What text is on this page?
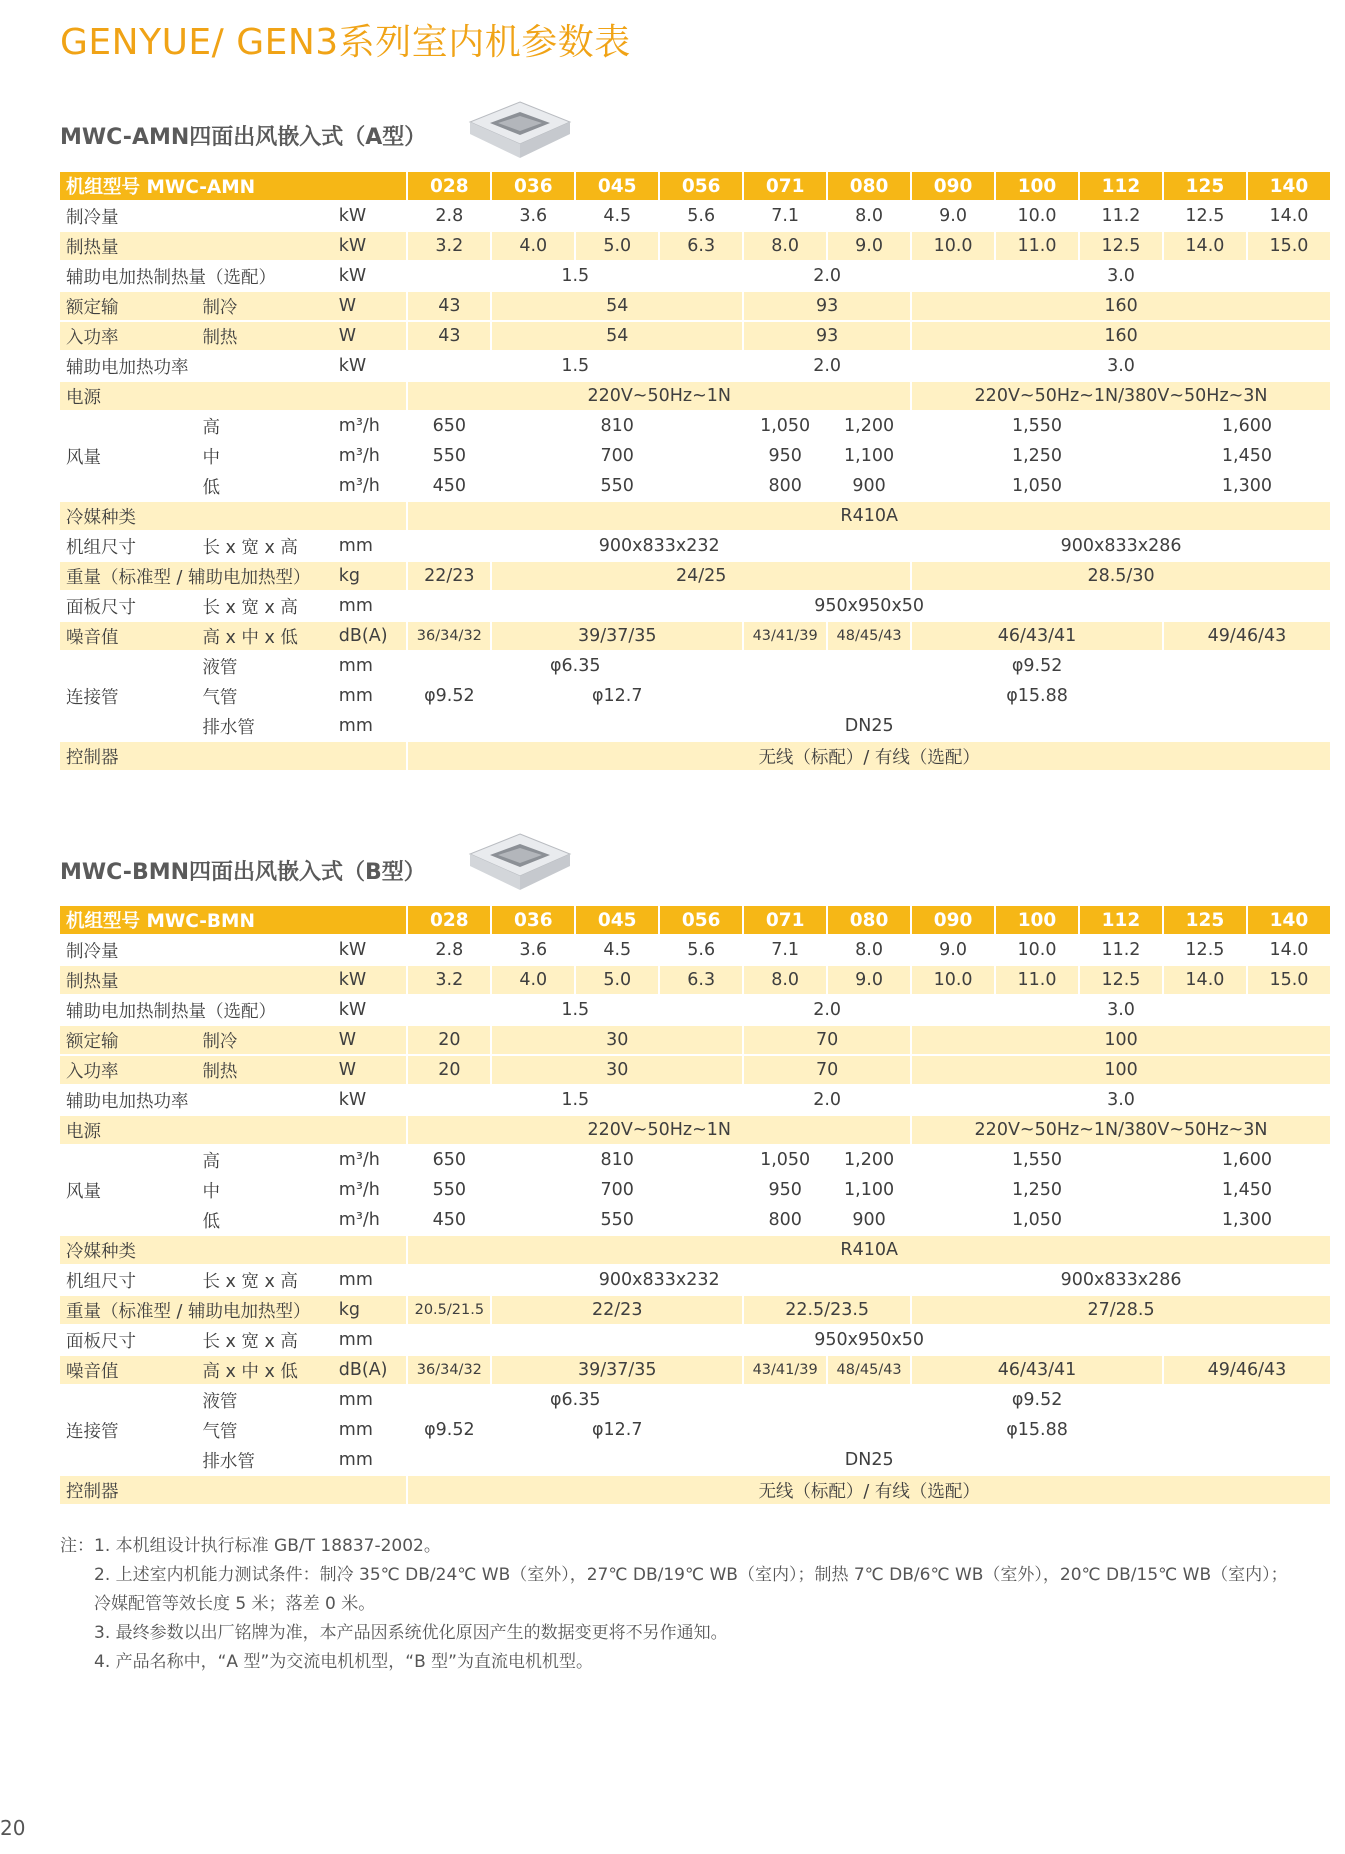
GENYUE/ GEN3系列室内机参数表
MWC-AMN四面出风嵌入式（A型）
机组型号 MWC-AMN			028	036	045	056	071	080	090	100	112	125	140
制冷量		kW	2.8	3.6	4.5	5.6	7.1	8.0	9.0	10.0	11.2	12.5	14.0
制热量		kW	3.2	4.0	5.0	6.3	8.0	9.0	10.0	11.0	12.5	14.0	15.0
辅助电加热制热量（选配）		kW	1.5				2.0		3.0				
额定输	制冷	W	43	54			93		160				
入功率	制热	W	43	54			93		160				
辅助电加热功率		kW	1.5				2.0		3.0				
电源			220V~50Hz~1N						220V~50Hz~1N/380V~50Hz~3N				
风量	高	m³/h	650	810			1,050	1,200	1,550			1,600	
	中	m³/h	550	700			950	1,100	1,250			1,450	
	低	m³/h	450	550			800	900	1,050			1,300	
冷媒种类			R410A										
机组尺寸	长 x 宽 x 高	mm	900x833x232						900x833x286				
重量（标准型 / 辅助电加热型）		kg	22/23	24/25					28.5/30				
面板尺寸	长 x 宽 x 高	mm	950x950x50										
噪音值	高 x 中 x 低	dB(A)	36/34/32	39/37/35			43/41/39	48/45/43	46/43/41			49/46/43	
连接管	液管	mm	φ6.35				φ9.52						
	气管	mm	φ9.52	φ12.7			φ15.88						
	排水管	mm	DN25										
控制器			无线（标配）/ 有线（选配）										
MWC-BMN四面出风嵌入式（B型）
机组型号 MWC-BMN			028	036	045	056	071	080	090	100	112	125	140
制冷量		kW	2.8	3.6	4.5	5.6	7.1	8.0	9.0	10.0	11.2	12.5	14.0
制热量		kW	3.2	4.0	5.0	6.3	8.0	9.0	10.0	11.0	12.5	14.0	15.0
辅助电加热制热量（选配）		kW	1.5				2.0		3.0				
额定输	制冷	W	20	30			70		100				
入功率	制热	W	20	30			70		100				
辅助电加热功率		kW	1.5				2.0		3.0				
电源			220V~50Hz~1N						220V~50Hz~1N/380V~50Hz~3N				
风量	高	m³/h	650	810			1,050	1,200	1,550			1,600	
	中	m³/h	550	700			950	1,100	1,250			1,450	
	低	m³/h	450	550			800	900	1,050			1,300	
冷媒种类			R410A										
机组尺寸	长 x 宽 x 高	mm	900x833x232						900x833x286				
重量（标准型 / 辅助电加热型）		kg	20.5/21.5	22/23			22.5/23.5		27/28.5				
面板尺寸	长 x 宽 x 高	mm	950x950x50										
噪音值	高 x 中 x 低	dB(A)	36/34/32	39/37/35			43/41/39	48/45/43	46/43/41			49/46/43	
连接管	液管	mm	φ6.35				φ9.52						
	气管	mm	φ9.52	φ12.7			φ15.88						
	排水管	mm	DN25										
控制器			无线（标配）/ 有线（选配）										
注： 1. 本机组设计执行标准 GB/T 18837-2002。
2. 上述室内机能力测试条件：制冷 35℃ DB/24℃ WB（室外），27℃ DB/19℃ WB（室内）；制热 7℃ DB/6℃ WB（室外），20℃ DB/15℃ WB（室内）；
冷媒配管等效长度 5 米；落差 0 米。
3. 最终参数以出厂铭牌为准，本产品因系统优化原因产生的数据变更将不另作通知。
4. 产品名称中，“A 型”为交流电机机型，“B 型”为直流电机机型。
20
